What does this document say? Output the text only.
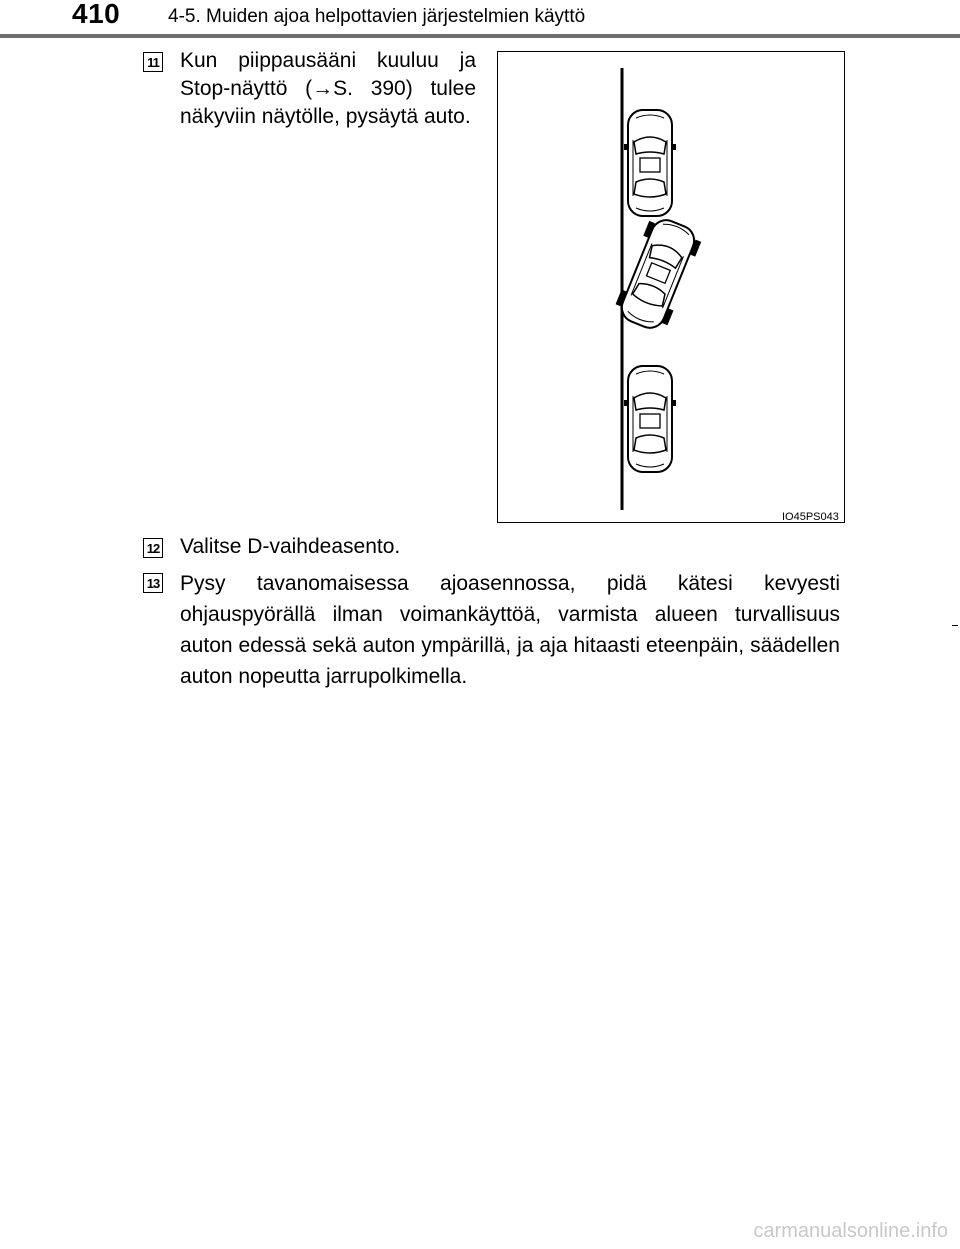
410	4-5. Muiden ajoa helpottavien järjestelmien käyttö
11 Kun piippausääni kuuluu ja Stop-näyttö (→S. 390) tulee näkyviin näytölle, pysäytä auto.
IO45PS043
12 Valitse D-vaihdeasento.
13 Pysy tavanomaisessa ajoasennossa, pidä kätesi kevyesti ohjauspyörällä ilman voimankäyttöä, varmista alueen turvallisuus auton edessä sekä auton ympärillä, ja aja hitaasti eteenpäin, säädellen auton nopeutta jarrupolkimella.
carmanualsonline.info
